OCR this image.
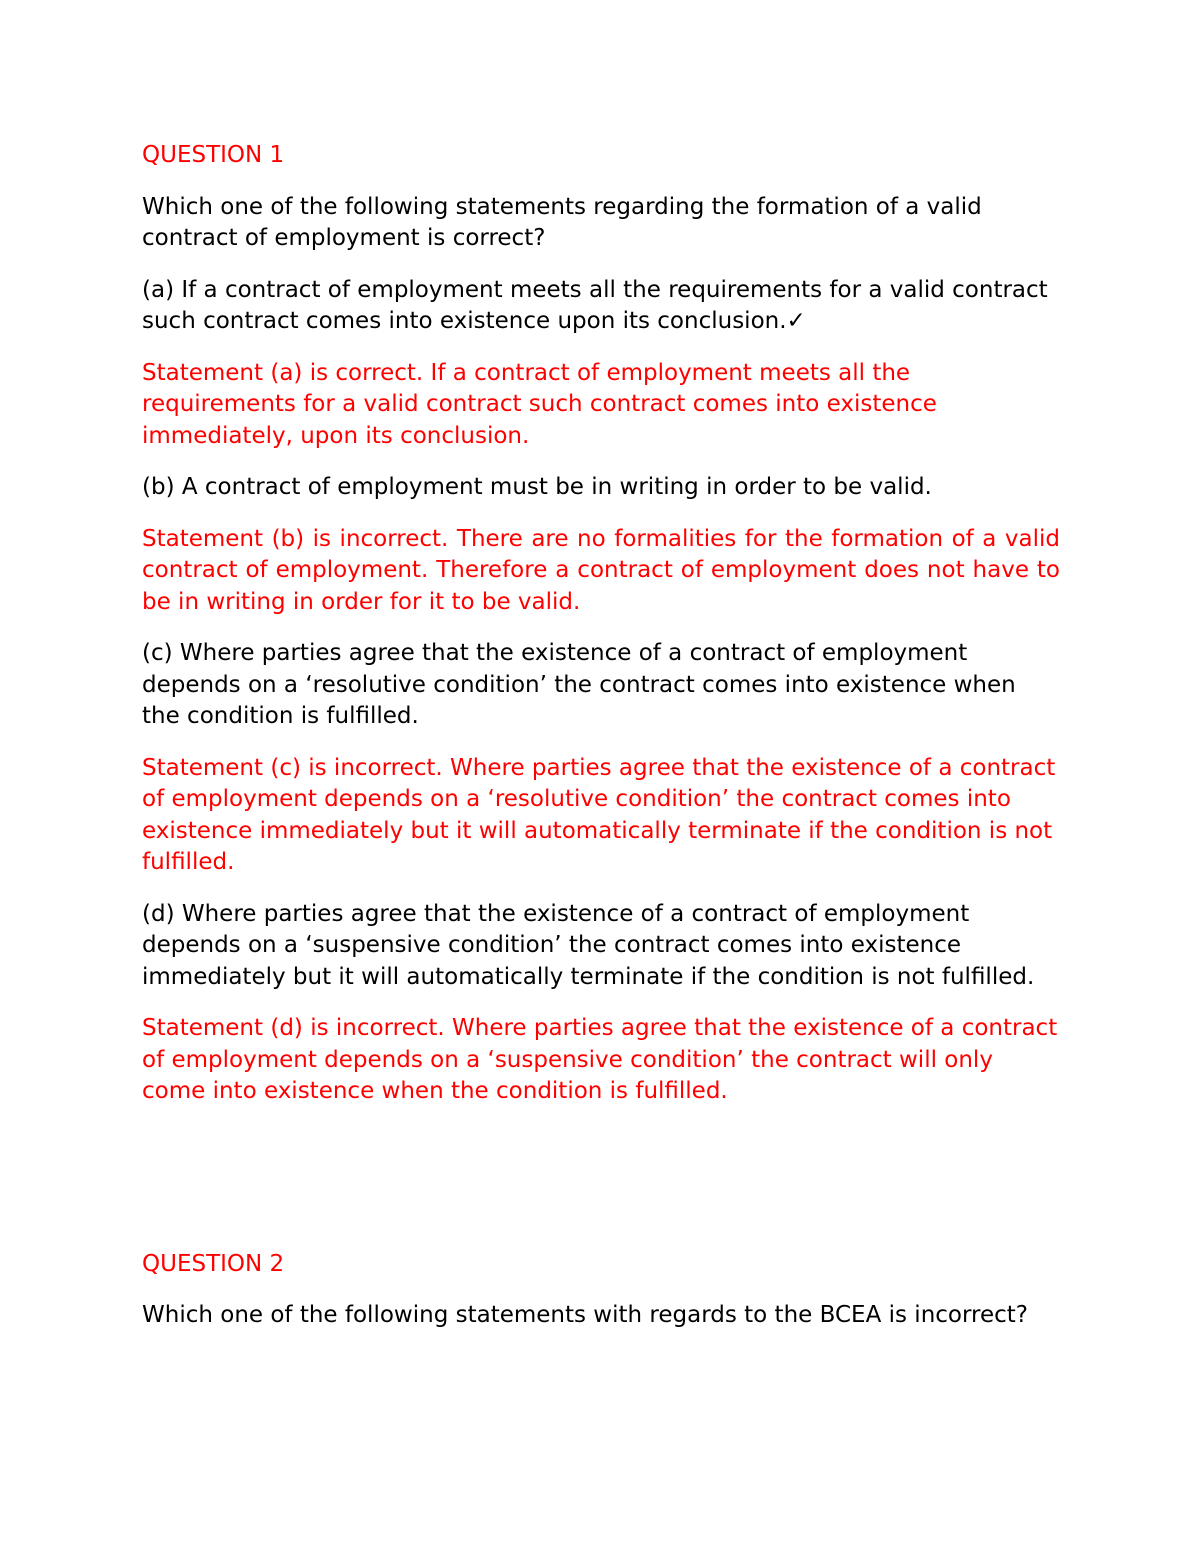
QUESTION 1

Which one of the following statements regarding the formation of a valid contract of employment is correct?

(a) If a contract of employment meets all the requirements for a valid contract such contract comes into existence upon its conclusion.✓

Statement (a) is correct. If a contract of employment meets all the requirements for a valid contract such contract comes into existence immediately, upon its conclusion.

(b) A contract of employment must be in writing in order to be valid.

Statement (b) is incorrect. There are no formalities for the formation of a valid contract of employment. Therefore a contract of employment does not have to be in writing in order for it to be valid.

(c) Where parties agree that the existence of a contract of employment depends on a ‘resolutive condition’ the contract comes into existence when the condition is fulfilled.

Statement (c) is incorrect. Where parties agree that the existence of a contract of employment depends on a ‘resolutive condition’ the contract comes into existence immediately but it will automatically terminate if the condition is not fulfilled.

(d) Where parties agree that the existence of a contract of employment depends on a ‘suspensive condition’ the contract comes into existence immediately but it will automatically terminate if the condition is not fulfilled.

Statement (d) is incorrect. Where parties agree that the existence of a contract of employment depends on a ‘suspensive condition’ the contract will only come into existence when the condition is fulfilled.

QUESTION 2

Which one of the following statements with regards to the BCEA is incorrect?
